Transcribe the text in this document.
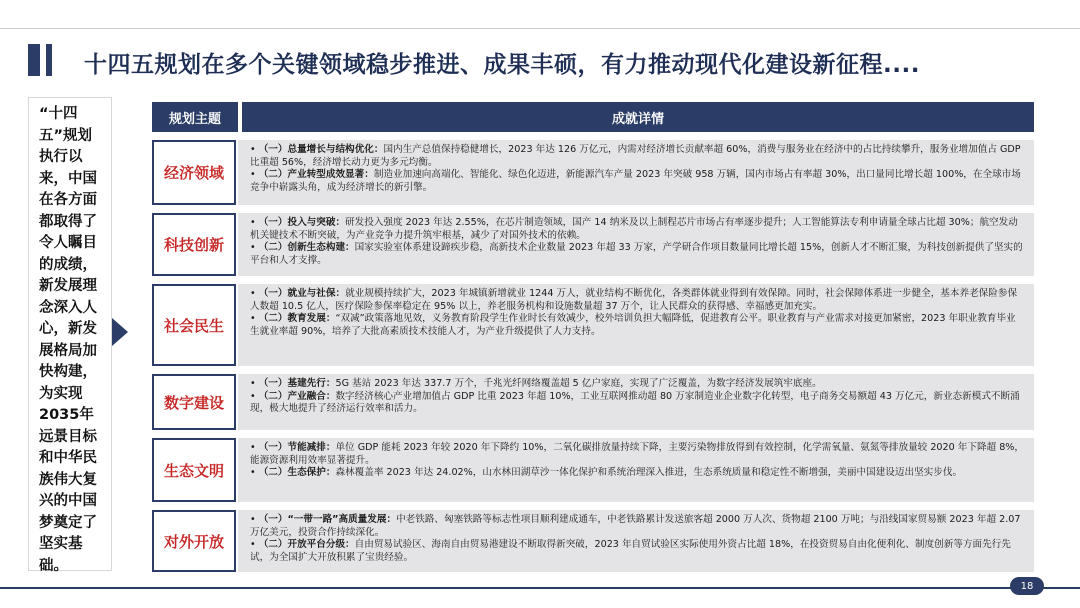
十四五规划在多个关键领域稳步推进、成果丰硕，有力推动现代化建设新征程....
“十四五”规划执行以来，中国在各方面都取得了令人瞩目的成绩，新发展理念深入人心，新发展格局加快构建，为实现2035年远景目标和中华民族伟大复兴的中国梦奠定了坚实基础。
规划主题	成就详情
经济领域

• （一）总量增长与结构优化：国内生产总值保持稳健增长，2023 年达 126 万亿元，内需对经济增长贡献率超 60%，消费与服务业在经济中的占比持续攀升，服务业增加值占 GDP 比重超 56%，经济增长动力更为多元均衡。

• （二）产业转型成效显著：制造业加速向高端化、智能化、绿色化迈进，新能源汽车产量 2023 年突破 958 万辆，国内市场占有率超 30%，出口量同比增长超 100%，在全球市场竞争中崭露头角，成为经济增长的新引擎。

科技创新

• （一）投入与突破：研发投入强度 2023 年达 2.55%，在芯片制造领域，国产 14 纳米及以上制程芯片市场占有率逐步提升；人工智能算法专利申请量全球占比超 30%；航空发动机关键技术不断突破，为产业竞争力提升筑牢根基，减少了对国外技术的依赖。

• （二）创新生态构建：国家实验室体系建设蹄疾步稳，高新技术企业数量 2023 年超 33 万家，产学研合作项目数量同比增长超 15%，创新人才不断汇聚，为科技创新提供了坚实的平台和人才支撑。

社会民生

• （一）就业与社保：就业规模持续扩大，2023 年城镇新增就业 1244 万人，就业结构不断优化，各类群体就业得到有效保障。同时，社会保障体系进一步健全，基本养老保险参保人数超 10.5 亿人，医疗保险参保率稳定在 95% 以上，养老服务机构和设施数量超 37 万个，让人民群众的获得感、幸福感更加充实。

• （二）教育发展：“双减”政策落地见效，义务教育阶段学生作业时长有效减少，校外培训负担大幅降低，促进教育公平。职业教育与产业需求对接更加紧密，2023 年职业教育毕业生就业率超 90%，培养了大批高素质技术技能人才，为产业升级提供了人力支持。

数字建设

• （一）基建先行：5G 基站 2023 年达 337.7 万个，千兆光纤网络覆盖超 5 亿户家庭，实现了广泛覆盖，为数字经济发展筑牢底座。

• （二）产业融合：数字经济核心产业增加值占 GDP 比重 2023 年超 10%，工业互联网推动超 80 万家制造业企业数字化转型，电子商务交易额超 43 万亿元，新业态新模式不断涌现，极大地提升了经济运行效率和活力。

生态文明

• （一）节能减排：单位 GDP 能耗 2023 年较 2020 年下降约 10%，二氧化碳排放量持续下降，主要污染物排放得到有效控制，化学需氧量、氨氮等排放量较 2020 年下降超 8%，能源资源利用效率显著提升。

• （二）生态保护：森林覆盖率 2023 年达 24.02%，山水林田湖草沙一体化保护和系统治理深入推进，生态系统质量和稳定性不断增强，美丽中国建设迈出坚实步伐。

对外开放

• （一）“一带一路”高质量发展：中老铁路、匈塞铁路等标志性项目顺利建成通车，中老铁路累计发送旅客超 2000 万人次、货物超 2100 万吨；与沿线国家贸易额 2023 年超 2.07 万亿美元，投资合作持续深化。

• （二）开放平台分级：自由贸易试验区、海南自由贸易港建设不断取得新突破，2023 年自贸试验区实际使用外资占比超 18%，在投资贸易自由化便利化、制度创新等方面先行先试，为全国扩大开放积累了宝贵经验。

18
